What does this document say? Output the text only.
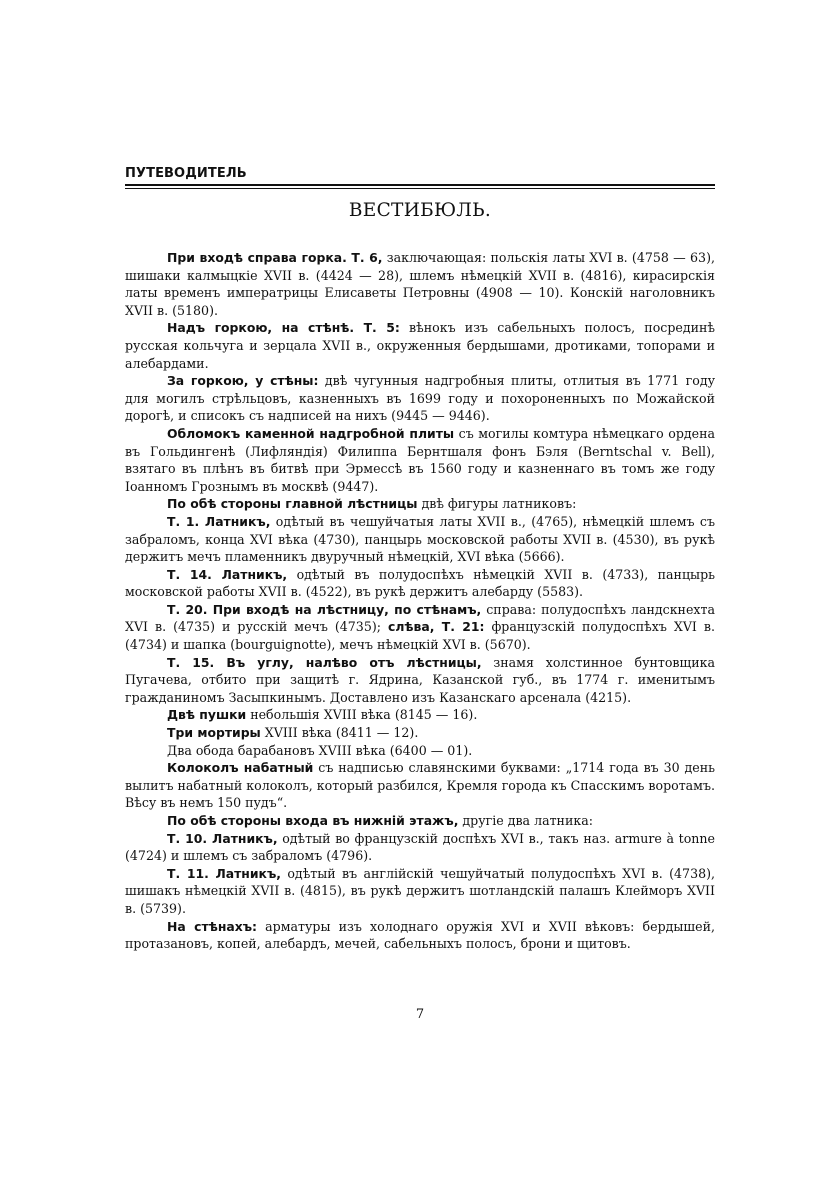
ПУТЕВОДИТЕЛЬ
ВЕСТИБЮЛЬ.

При входѣ справа горка. Т. 6, заключающая: польскія латы XVI в. (4758 — 63), шишаки калмыцкіе XVII в. (4424 — 28), шлемъ нѣмецкій XVII в. (4816), кирасирскія латы временъ императрицы Елисаветы Петровны (4908 — 10). Конскій наголовникъ XVII в. (5180).

Надъ горкою, на стѣнѣ. Т. 5: вѣнокъ изъ сабельныхъ полосъ, посрединѣ русская кольчуга и зерцала XVII в., окруженныя бердышами, дротиками, топорами и алебардами.

За горкою, у стѣны: двѣ чугунныя надгробныя плиты, отлитыя въ 1771 году для могилъ стрѣльцовъ, казненныхъ въ 1699 году и похороненныхъ по Можайской дорогѣ, и списокъ съ надписей на нихъ (9445 — 9446).

Обломокъ каменной надгробной плиты съ могилы комтура нѣмецкаго ордена въ Гольдингенѣ (Лифляндія) Филиппа Бернтшаля фонъ Бэля (Berntschal v. Bell), взятаго въ плѣнъ въ битвѣ при Эрмессѣ въ 1560 году и казненнаго въ томъ же году Іоанномъ Грознымъ въ москвѣ (9447).

По обѣ стороны главной лѣстницы двѣ фигуры латниковъ:

Т. 1. Латникъ, одѣтый въ чешуйчатыя латы XVII в., (4765), нѣмецкій шлемъ съ забраломъ, конца XVI вѣка (4730), панцырь московской работы XVII в. (4530), въ рукѣ держитъ мечъ пламенникъ двуручный нѣмецкій, XVI вѣка (5666).

Т. 14. Латникъ, одѣтый въ полудоспѣхъ нѣмецкій XVII в. (4733), панцырь московской работы XVII в. (4522), въ рукѣ держитъ алебарду (5583).

Т. 20. При входѣ на лѣстницу, по стѣнамъ, справа: полудоспѣхъ ландскнехта XVI в. (4735) и русскій мечъ (4735); слѣва, Т. 21: французскій полудоспѣхъ XVI в. (4734) и шапка (bourguignotte), мечъ нѣмецкій XVI в. (5670).

Т. 15. Въ углу, налѣво отъ лѣстницы, знамя холстинное бунтовщика Пугачева, отбито при защитѣ г. Ядрина, Казанской губ., въ 1774 г. именитымъ гражданиномъ Засыпкинымъ. Доставлено изъ Казанскаго арсенала (4215).

Двѣ пушки небольшія XVIII вѣка (8145 — 16).

Три мортиры XVIII вѣка (8411 — 12).

Два обода барабановъ XVIII вѣка (6400 — 01).

Колоколъ набатный съ надписью славянскими буквами: „1714 года въ 30 день вылитъ набатный колоколъ, который разбился, Кремля города къ Спасскимъ воротамъ. Вѣсу въ немъ 150 пудъ“.

По обѣ стороны входа въ нижній этажъ, другіе два латника:

Т. 10. Латникъ, одѣтый во французскій доспѣхъ XVI в., такъ наз. armure à tonne (4724) и шлемъ съ забраломъ (4796).

Т. 11. Латникъ, одѣтый въ англійскій чешуйчатый полудоспѣхъ XVI в. (4738), шишакъ нѣмецкій XVII в. (4815), въ рукѣ держитъ шотландскій палашъ Клейморъ XVII в. (5739).

На стѣнахъ: арматуры изъ холоднаго оружія XVI и XVII вѣковъ: бердышей, протазановъ, копей, алебардъ, мечей, сабельныхъ полосъ, брони и щитовъ.

7
